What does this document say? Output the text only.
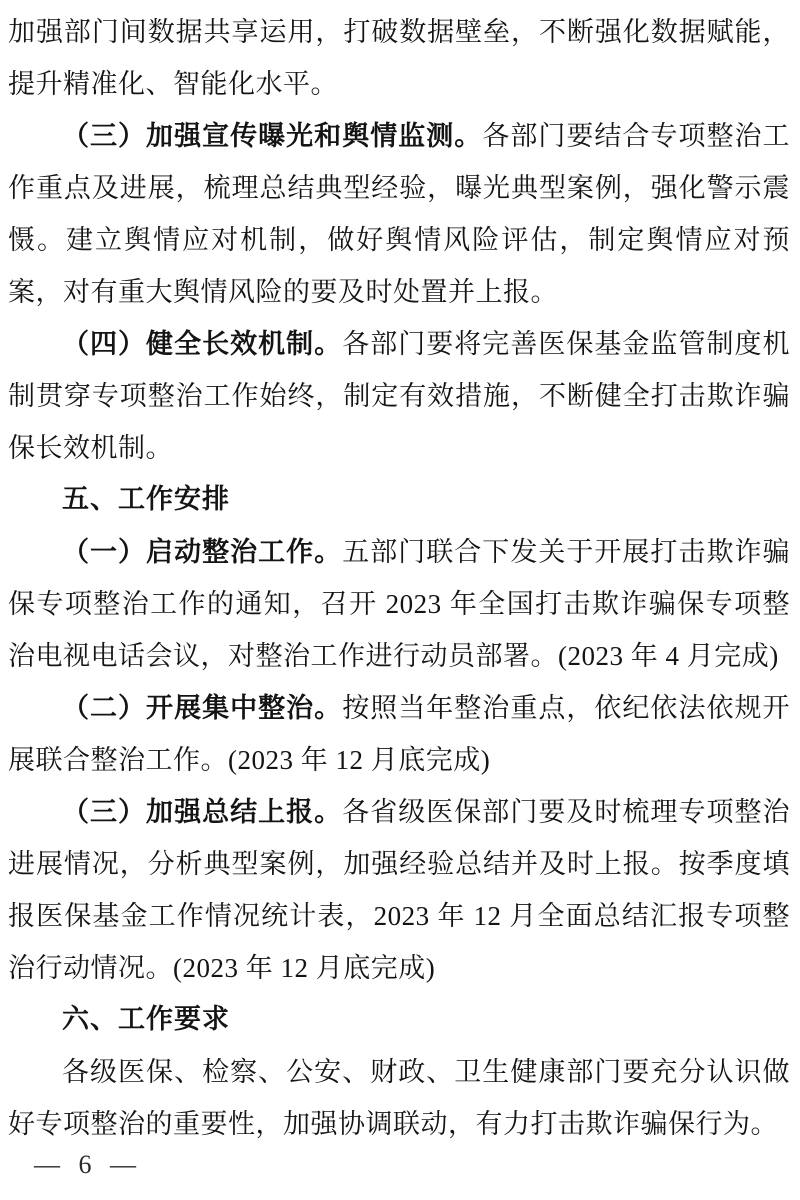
加强部门间数据共享运用，打破数据壁垒，不断强化数据赋能，提升精准化、智能化水平。

（三）加强宣传曝光和舆情监测。各部门要结合专项整治工作重点及进展，梳理总结典型经验，曝光典型案例，强化警示震慑。建立舆情应对机制，做好舆情风险评估，制定舆情应对预案，对有重大舆情风险的要及时处置并上报。

（四）健全长效机制。各部门要将完善医保基金监管制度机制贯穿专项整治工作始终，制定有效措施，不断健全打击欺诈骗保长效机制。

五、工作安排

（一）启动整治工作。五部门联合下发关于开展打击欺诈骗保专项整治工作的通知，召开 2023 年全国打击欺诈骗保专项整治电视电话会议，对整治工作进行动员部署。(2023 年 4 月完成)

（二）开展集中整治。按照当年整治重点，依纪依法依规开展联合整治工作。(2023 年 12 月底完成)

（三）加强总结上报。各省级医保部门要及时梳理专项整治进展情况，分析典型案例，加强经验总结并及时上报。按季度填报医保基金工作情况统计表，2023 年 12 月全面总结汇报专项整治行动情况。(2023 年 12 月底完成)

六、工作要求

各级医保、检察、公安、财政、卫生健康部门要充分认识做好专项整治的重要性，加强协调联动，有力打击欺诈骗保行为。

— 6 —
